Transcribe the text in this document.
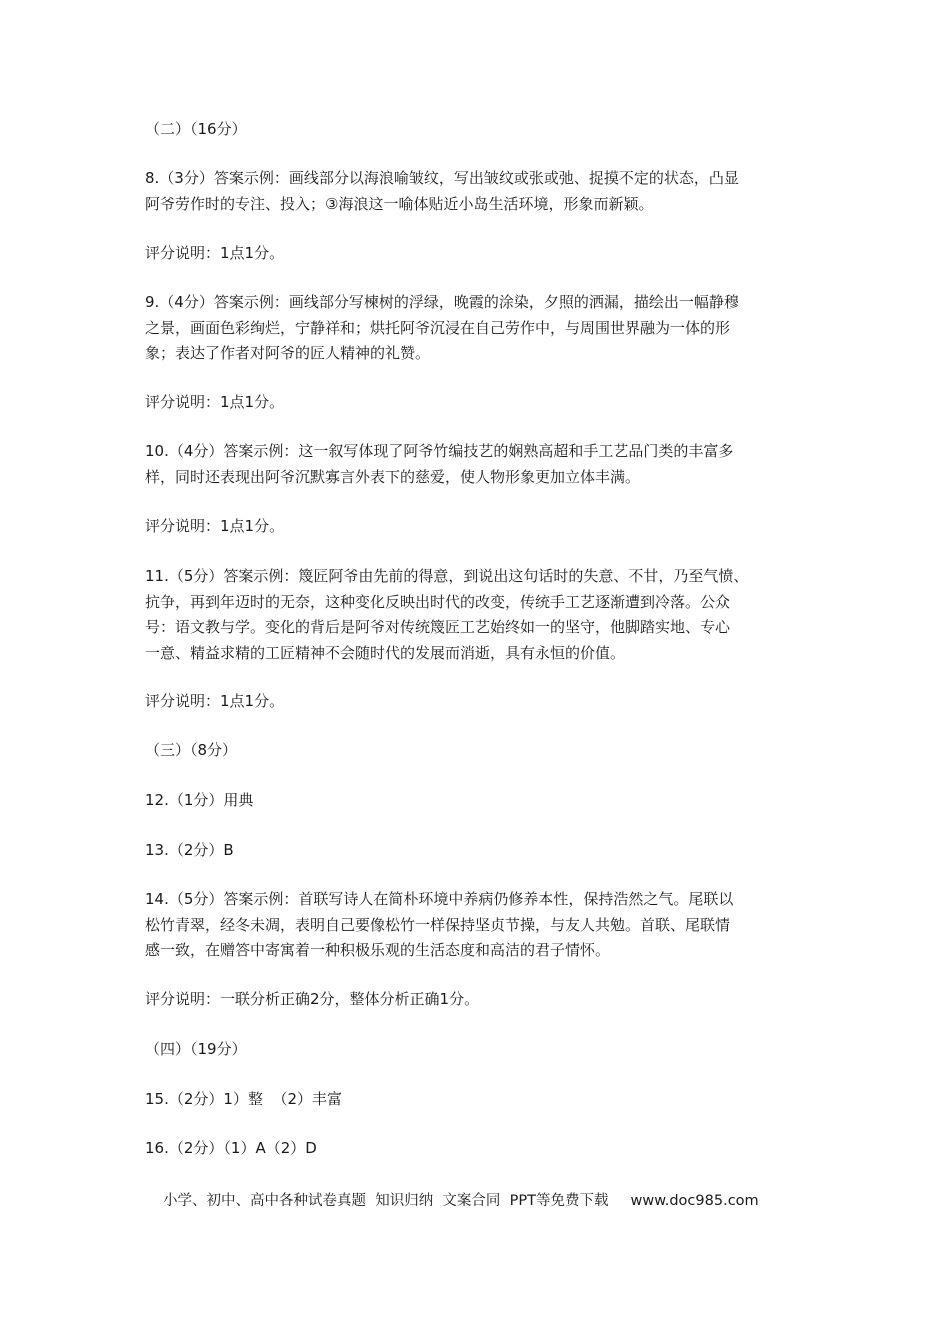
（二）（16分）

8.（3分）答案示例：画线部分以海浪喻皱纹，写出皱纹或张或弛、捉摸不定的状态，凸显
阿爷劳作时的专注、投入；③海浪这一喻体贴近小岛生活环境，形象而新颖。

评分说明：1点1分。

9.（4分）答案示例：画线部分写楝树的浮绿，晚霞的涂染，夕照的洒漏，描绘出一幅静穆
之景，画面色彩绚烂，宁静祥和；烘托阿爷沉浸在自己劳作中，与周围世界融为一体的形
象；表达了作者对阿爷的匠人精神的礼赞。

评分说明：1点1分。

10.（4分）答案示例：这一叙写体现了阿爷竹编技艺的娴熟高超和手工艺品门类的丰富多
样，同时还表现出阿爷沉默寡言外表下的慈爱，使人物形象更加立体丰满。

评分说明：1点1分。

11.（5分）答案示例：篾匠阿爷由先前的得意，到说出这句话时的失意、不甘，乃至气愤、
抗争，再到年迈时的无奈，这种变化反映出时代的改变，传统手工艺逐渐遭到冷落。公众
号：语文教与学。变化的背后是阿爷对传统篾匠工艺始终如一的坚守，他脚踏实地、专心
一意、精益求精的工匠精神不会随时代的发展而消逝，具有永恒的价值。

评分说明：1点1分。

（三）（8分）

12.（1分）用典

13.（2分）B

14.（5分）答案示例：首联写诗人在简朴环境中养病仍修养本性，保持浩然之气。尾联以
松竹青翠，经冬未凋，表明自己要像松竹一样保持坚贞节操，与友人共勉。首联、尾联情
感一致，在赠答中寄寓着一种积极乐观的生活态度和高洁的君子情怀。

评分说明：一联分析正确2分，整体分析正确1分。

（四）（19分）

15.（2分）1）整  （2）丰富

16.（2分）（1）A（2）D

小学、初中、高中各种试卷真题  知识归纳  文案合同  PPT等免费下载 www.doc985.com
